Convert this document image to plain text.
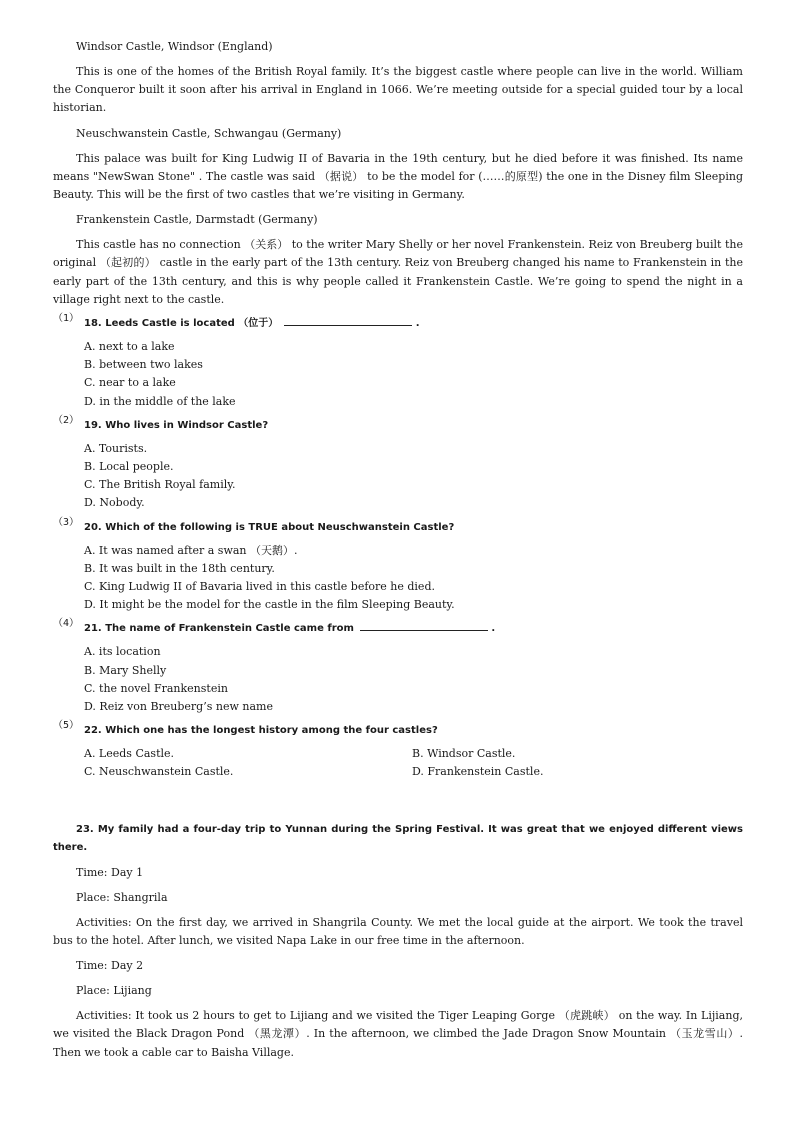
Windsor Castle, Windsor (England)

This is one of the homes of the British Royal family. It’s the biggest castle where people can live in the world. William the Conqueror built it soon after his arrival in England in 1066. We’re meeting outside for a special guided tour by a local historian.

Neuschwanstein Castle, Schwangau (Germany)

This palace was built for King Ludwig II of Bavaria in the 19th century, but he died before it was finished. Its name means "NewSwan Stone" . The castle was said （据说） to be the model for (……的原型) the one in the Disney film Sleeping Beauty. This will be the first of two castles that we’re visiting in Germany.

Frankenstein Castle, Darmstadt (Germany)

This castle has no connection （关系） to the writer Mary Shelly or her novel Frankenstein. Reiz von Breuberg built the original （起初的） castle in the early part of the 13th century. Reiz von Breuberg changed his name to Frankenstein in the early part of the 13th century, and this is why people called it Frankenstein Castle. We’re going to spend the night in a village right next to the castle.

（1） 18. Leeds Castle is located （位于）	.
A. next to a lake
B. between two lakes
C. near to a lake
D. in the middle of the lake
（2） 19. Who lives in Windsor Castle?
A. Tourists.
B. Local people.
C. The British Royal family.
D. Nobody.
（3） 20. Which of the following is TRUE about Neuschwanstein Castle?
A. It was named after a swan （天鹅）.
B. It was built in the 18th century.
C. King Ludwig II of Bavaria lived in this castle before he died.
D. It might be the model for the castle in the film Sleeping Beauty.
（4） 21. The name of Frankenstein Castle came from	.
A. its location
B. Mary Shelly
C. the novel Frankenstein
D. Reiz von Breuberg’s new name
（5） 22. Which one has the longest history among the four castles?
A. Leeds Castle.	B. Windsor Castle.
C. Neuschwanstein Castle.	D. Frankenstein Castle.

23. My family had a four-day trip to Yunnan during the Spring Festival. It was great that we enjoyed different views there.

Time: Day 1

Place: Shangrila

Activities: On the first day, we arrived in Shangrila County. We met the local guide at the airport. We took the travel bus to the hotel. After lunch, we visited Napa Lake in our free time in the afternoon.

Time: Day 2

Place: Lijiang

Activities: It took us 2 hours to get to Lijiang and we visited the Tiger Leaping Gorge （虎跳峡） on the way. In Lijiang, we visited the Black Dragon Pond （黑龙潭）. In the afternoon, we climbed the Jade Dragon Snow Mountain （玉龙雪山）. Then we took a cable car to Baisha Village.
